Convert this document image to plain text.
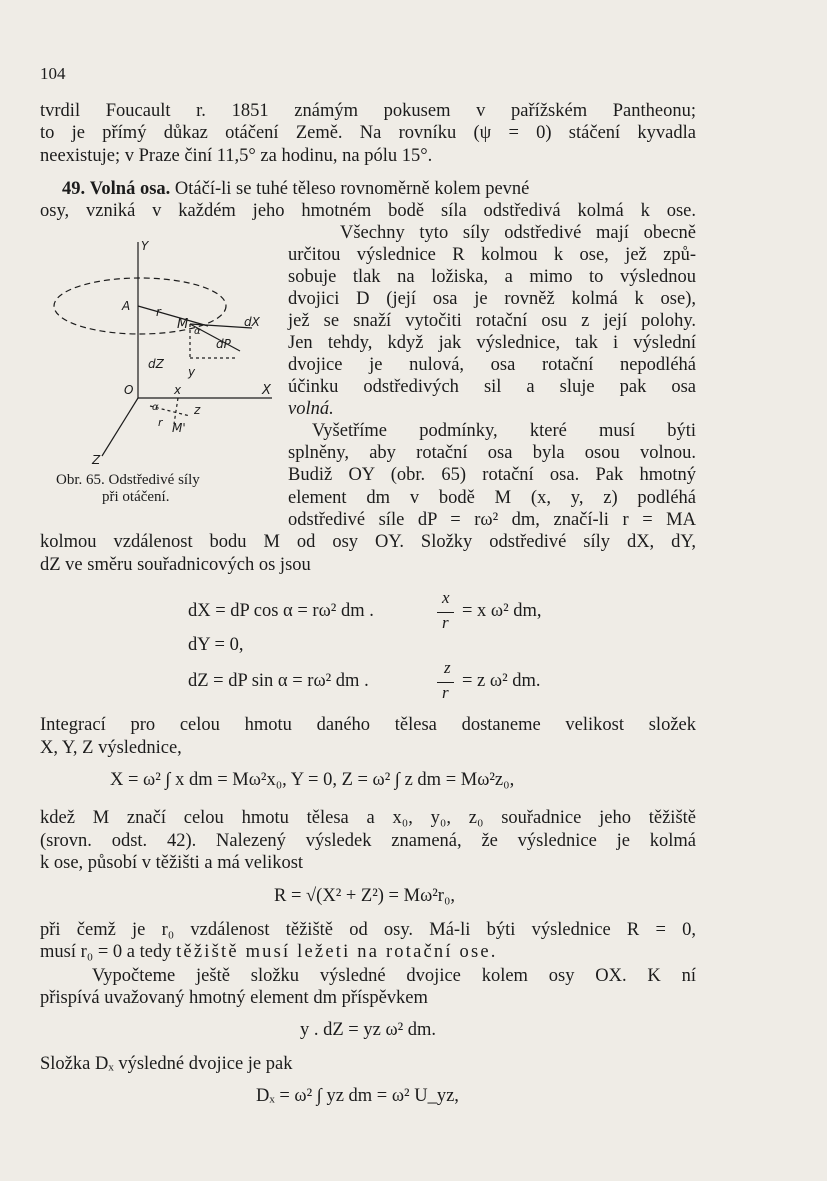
104
tvrdil Foucault r. 1851 známým pokusem v pařížském Pantheonu;
to je přímý důkaz otáčení Země. Na rovníku (ψ = 0) stáčení kyvadla
neexistuje; v Praze činí 11,5° za hodinu, na pólu 15°.
49. Volná osa. Otáčí-li se tuhé těleso rovnoměrně kolem pevné
osy, vzniká v každém jeho hmotném bodě síla odstředivá kolmá k ose.
Všechny tyto síly odstředivé mají obecně
určitou výslednice R kolmou k ose, jež způ-
sobuje tlak na ložiska, a mimo to výslednou
dvojici D (její osa je rovněž kolmá k ose),
jež se snaží vytočiti rotační osu z její polohy.
Jen tehdy, když jak výslednice, tak i výslední
dvojice je nulová, osa rotační nepodléhá
účinku odstředivých sil a sluje pak osa
volná.
Vyšetříme podmínky, které musí býti
splněny, aby rotační osa byla osou volnou.
Budiž OY (obr. 65) rotační osa. Pak hmotný
element dm v bodě M (x, y, z) podléhá
odstředivé síle dP = rω² dm, značí-li r = MA
Y
A r
M α
dX
dP
dZ
y
O	x	X
α	z
r M'
Z
Obr. 65. Odstředivé síly
při otáčení.
kolmou vzdálenost bodu M od osy OY. Složky odstředivé síly dX, dY,
dZ ve směru souřadnicových os jsou
dX = dP cos α = rω² dm .
x
r
= x ω² dm,
dY = 0,
dZ = dP sin α = rω² dm .
z
r
= z ω² dm.
Integrací pro celou hmotu daného tělesa dostaneme velikost složek
X, Y, Z výslednice,
X = ω² ∫ x dm = Mω²x₀, Y = 0, Z = ω² ∫ z dm = Mω²z₀,
kdež M značí celou hmotu tělesa a x₀, y₀, z₀ souřadnice jeho těžiště
(srovn. odst. 42). Nalezený výsledek znamená, že výslednice je kolmá
k ose, působí v těžišti a má velikost
R = √(X² + Z²) = Mω²r₀,
při čemž je r₀ vzdálenost těžiště od osy. Má-li býti výslednice R = 0,
musí r₀ = 0 a tedy těžiště musí ležeti na rotační ose.
Vypočteme ještě složku výsledné dvojice kolem osy OX. K ní
přispívá uvažovaný hmotný element dm příspěvkem
y . dZ = yz ω² dm.
Složka Dₓ výsledné dvojice je pak
Dₓ = ω² ∫ yz dm = ω² U_yz,
